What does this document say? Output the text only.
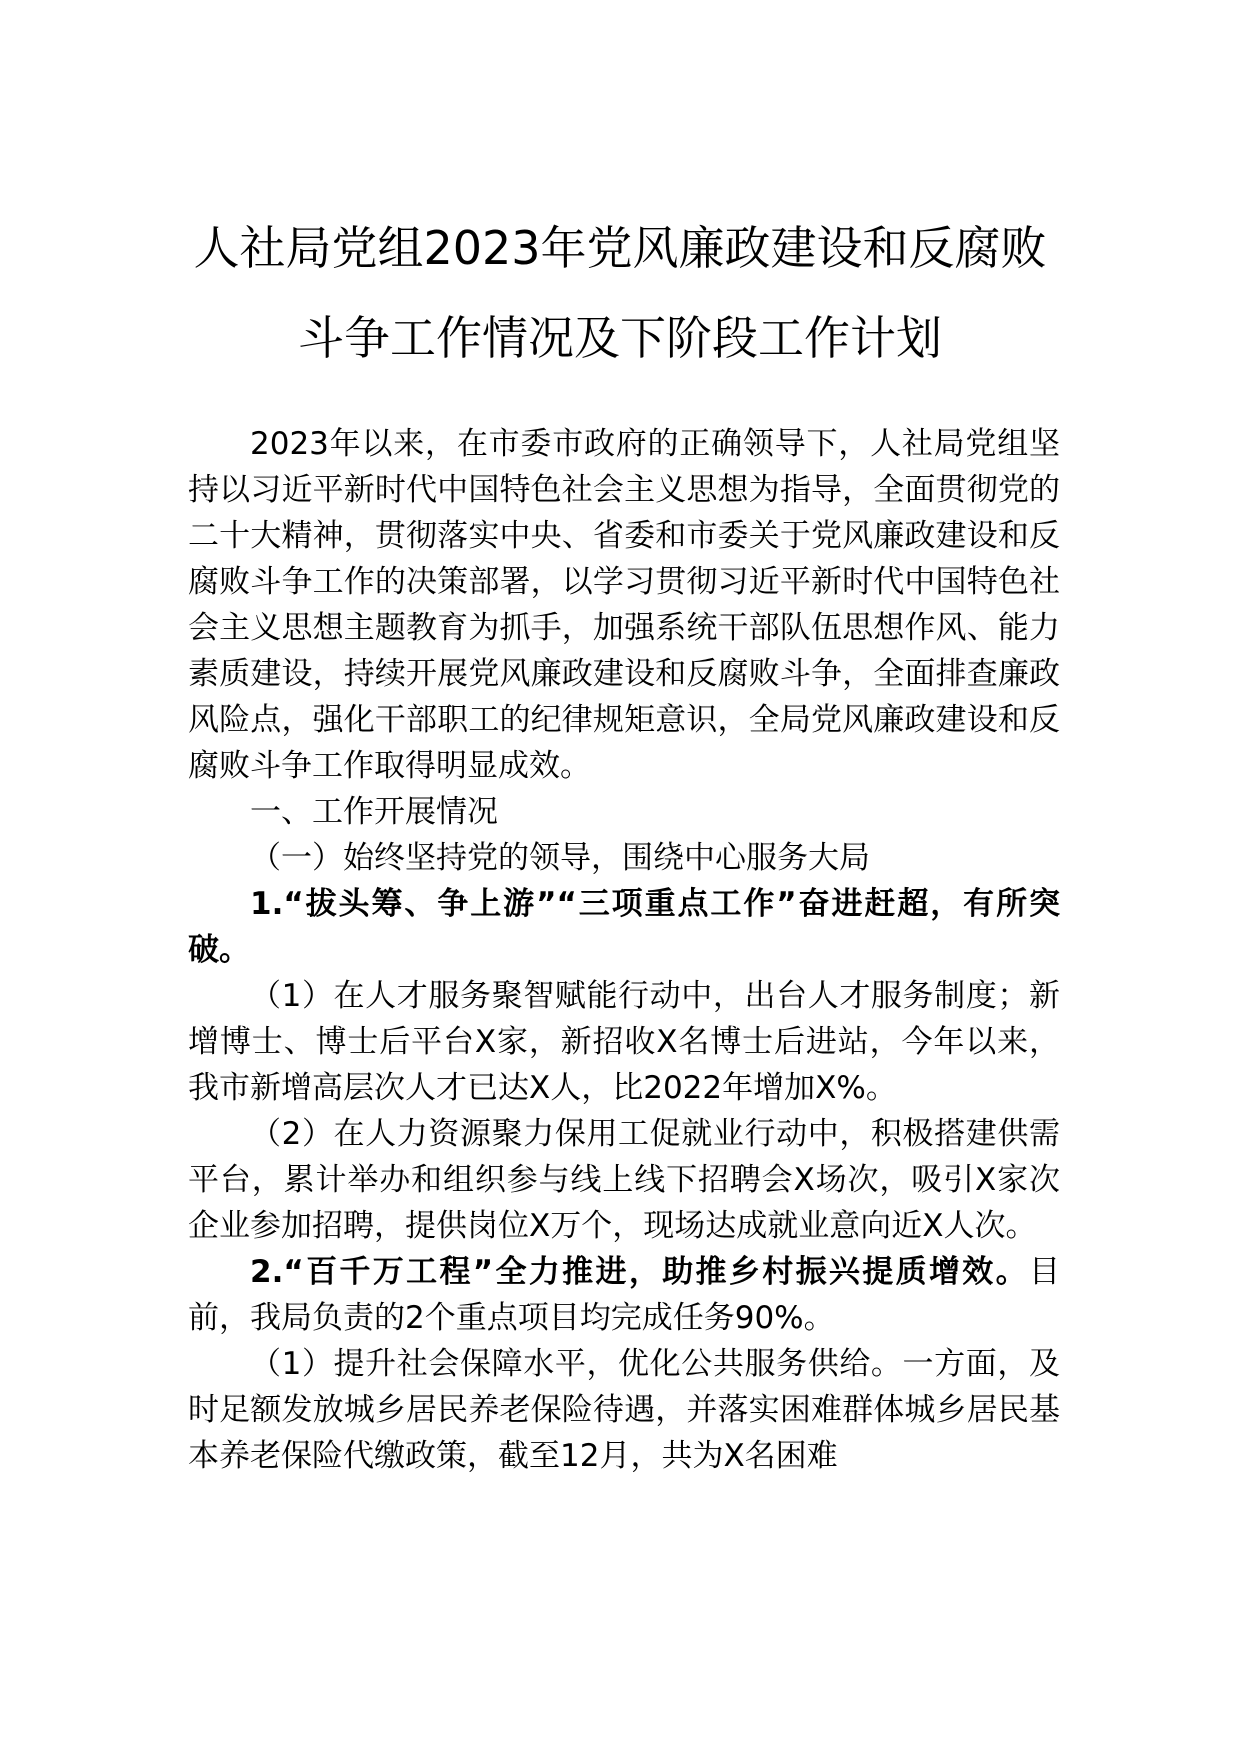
人社局党组2023年党风廉政建设和反腐败
斗争工作情况及下阶段工作计划

2023年以来，在市委市政府的正确领导下，人社局党组坚持以习近平新时代中国特色社会主义思想为指导，全面贯彻党的二十大精神，贯彻落实中央、省委和市委关于党风廉政建设和反腐败斗争工作的决策部署，以学习贯彻习近平新时代中国特色社会主义思想主题教育为抓手，加强系统干部队伍思想作风、能力素质建设，持续开展党风廉政建设和反腐败斗争，全面排查廉政风险点，强化干部职工的纪律规矩意识，全局党风廉政建设和反腐败斗争工作取得明显成效。

一、工作开展情况

（一）始终坚持党的领导，围绕中心服务大局

1.“拔头筹、争上游”“三项重点工作”奋进赶超，有所突破。

（1）在人才服务聚智赋能行动中，出台人才服务制度；新增博士、博士后平台X家，新招收X名博士后进站，今年以来，我市新增高层次人才已达X人，比2022年增加X%。

（2）在人力资源聚力保用工促就业行动中，积极搭建供需平台，累计举办和组织参与线上线下招聘会X场次，吸引X家次企业参加招聘，提供岗位X万个，现场达成就业意向近X人次。

2.“百千万工程”全力推进，助推乡村振兴提质增效。目前，我局负责的2个重点项目均完成任务90%。

（1）提升社会保障水平，优化公共服务供给。一方面，及时足额发放城乡居民养老保险待遇，并落实困难群体城乡居民基本养老保险代缴政策，截至12月，共为X名困难
